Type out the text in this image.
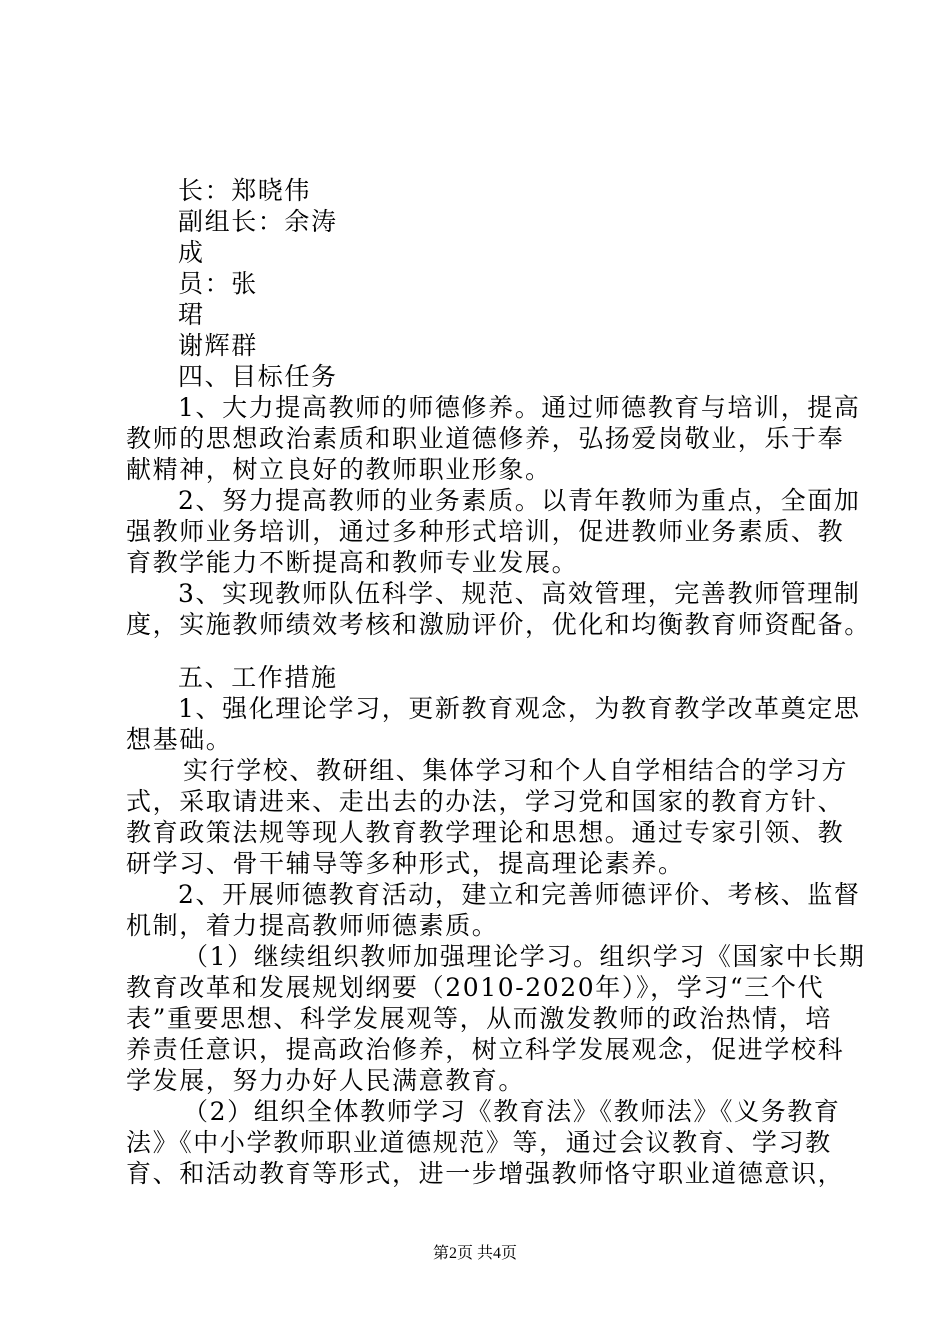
长：郑晓伟
副组长：余涛
成
员：张
珺
谢辉群
四、目标任务
1、大力提高教师的师德修养。通过师德教育与培训，提高
教师的思想政治素质和职业道德修养，弘扬爱岗敬业，乐于奉
献精神，树立良好的教师职业形象。
2、努力提高教师的业务素质。以青年教师为重点，全面加
强教师业务培训，通过多种形式培训，促进教师业务素质、教
育教学能力不断提高和教师专业发展。
3、实现教师队伍科学、规范、高效管理，完善教师管理制
度，实施教师绩效考核和激励评价，优化和均衡教育师资配备。
五、工作措施
1、强化理论学习，更新教育观念，为教育教学改革奠定思
想基础。
实行学校、教研组、集体学习和个人自学相结合的学习方
式，采取请进来、走出去的办法，学习党和国家的教育方针、
教育政策法规等现人教育教学理论和思想。通过专家引领、教
研学习、骨干辅导等多种形式，提高理论素养。
2、开展师德教育活动，建立和完善师德评价、考核、监督
机制，着力提高教师师德素质。
（1）继续组织教师加强理论学习。组织学习《国家中长期
教育改革和发展规划纲要（2010-2020年）》，学习“三个代
表”重要思想、科学发展观等，从而激发教师的政治热情，培
养责任意识，提高政治修养，树立科学发展观念，促进学校科
学发展，努力办好人民满意教育。
（2）组织全体教师学习《教育法》《教师法》《义务教育
法》《中小学教师职业道德规范》等，通过会议教育、学习教
育、和活动教育等形式，进一步增强教师恪守职业道德意识，
第2页 共4页
